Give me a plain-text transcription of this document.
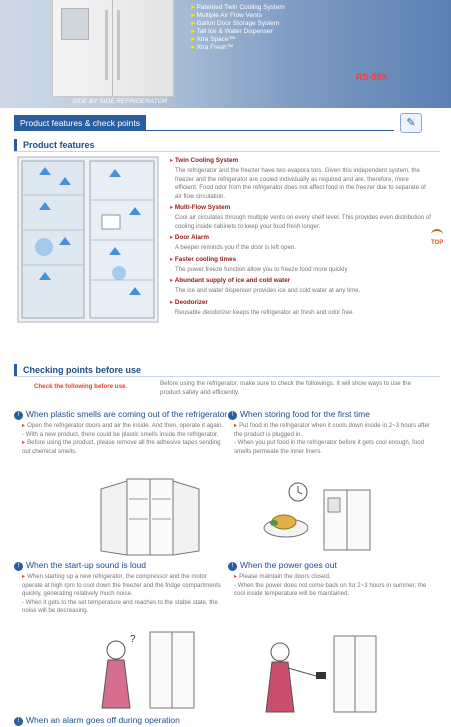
►Patented Twin Cooling System
►Multiple Air Flow Vents
►Gallon Door Storage System
►Tall Ice & Water Dispenser
►Xtra Space™
►Xtra Fresh™
RS-55X
SIDE BY SIDE REFRIGERATOR
Product features & check points	✎
Product features
▸ Twin Cooling System
The refrigerator and the freezer have two evapora tors. Given this independent system, the freezer and the refrigerator are cooled individually as required and are, therefore, more efficient. Food odor from the refrigerator does not affect food in the freezer due to separate of air flow circulation.
▸ Multi-Flow System
Cool air circulates through multiple vents on every shelf level. This provides even distribution of cooling inside cabinets to keep your food fresh longer.
▸ Door Alarm
A beeper reminds you if the door is left open.
▸ Faster cooling times
The power freeze function allow you to freeze food more quickly.
▸ Abundant supply of ice and cold water
The ice and water dispenser provides ice and cold water at any time.
▸ Deodorizer
Reusable deodorizer keeps the refrigerator air fresh and odor free.
TOP
Checking points before use
Check the following before use.	Before using the refrigerator, make sure to check the followings. It will show ways to use the product safely and efficiently.
! When plastic smells are coming out of the refrigerator
▸ Open the refrigerator doors and air the inside. And then, operate it again.
- With a new product, there could be plastic smells inside the refrigerator.
▸ Before using the product, please remove all the adhesive tapes sending out chemical smells.
! When storing food for the first time
▸ Put food in the refrigerator when it cools down inside in 2~3 hours after the product is plugged in.
- When you put food in the refrigerator before it gets cool enough, food smells permeate the inner liners.
! When the start-up sound is loud
▸ When starting up a new refrigerator, the compressor and the motor operate at high rpm to cool down the freezer and the fridge compartments quickly, generating relatively much noise.
- When it gets to the set temperature and reaches to the stable state, the noise will be decreasing.
! When the power goes out
▸ Please maintain the doors closed.
- When the power does not come back on for 2~3 hours in summer, the cool inside temperature will be maintained.
?
! When an alarm goes off during operation
